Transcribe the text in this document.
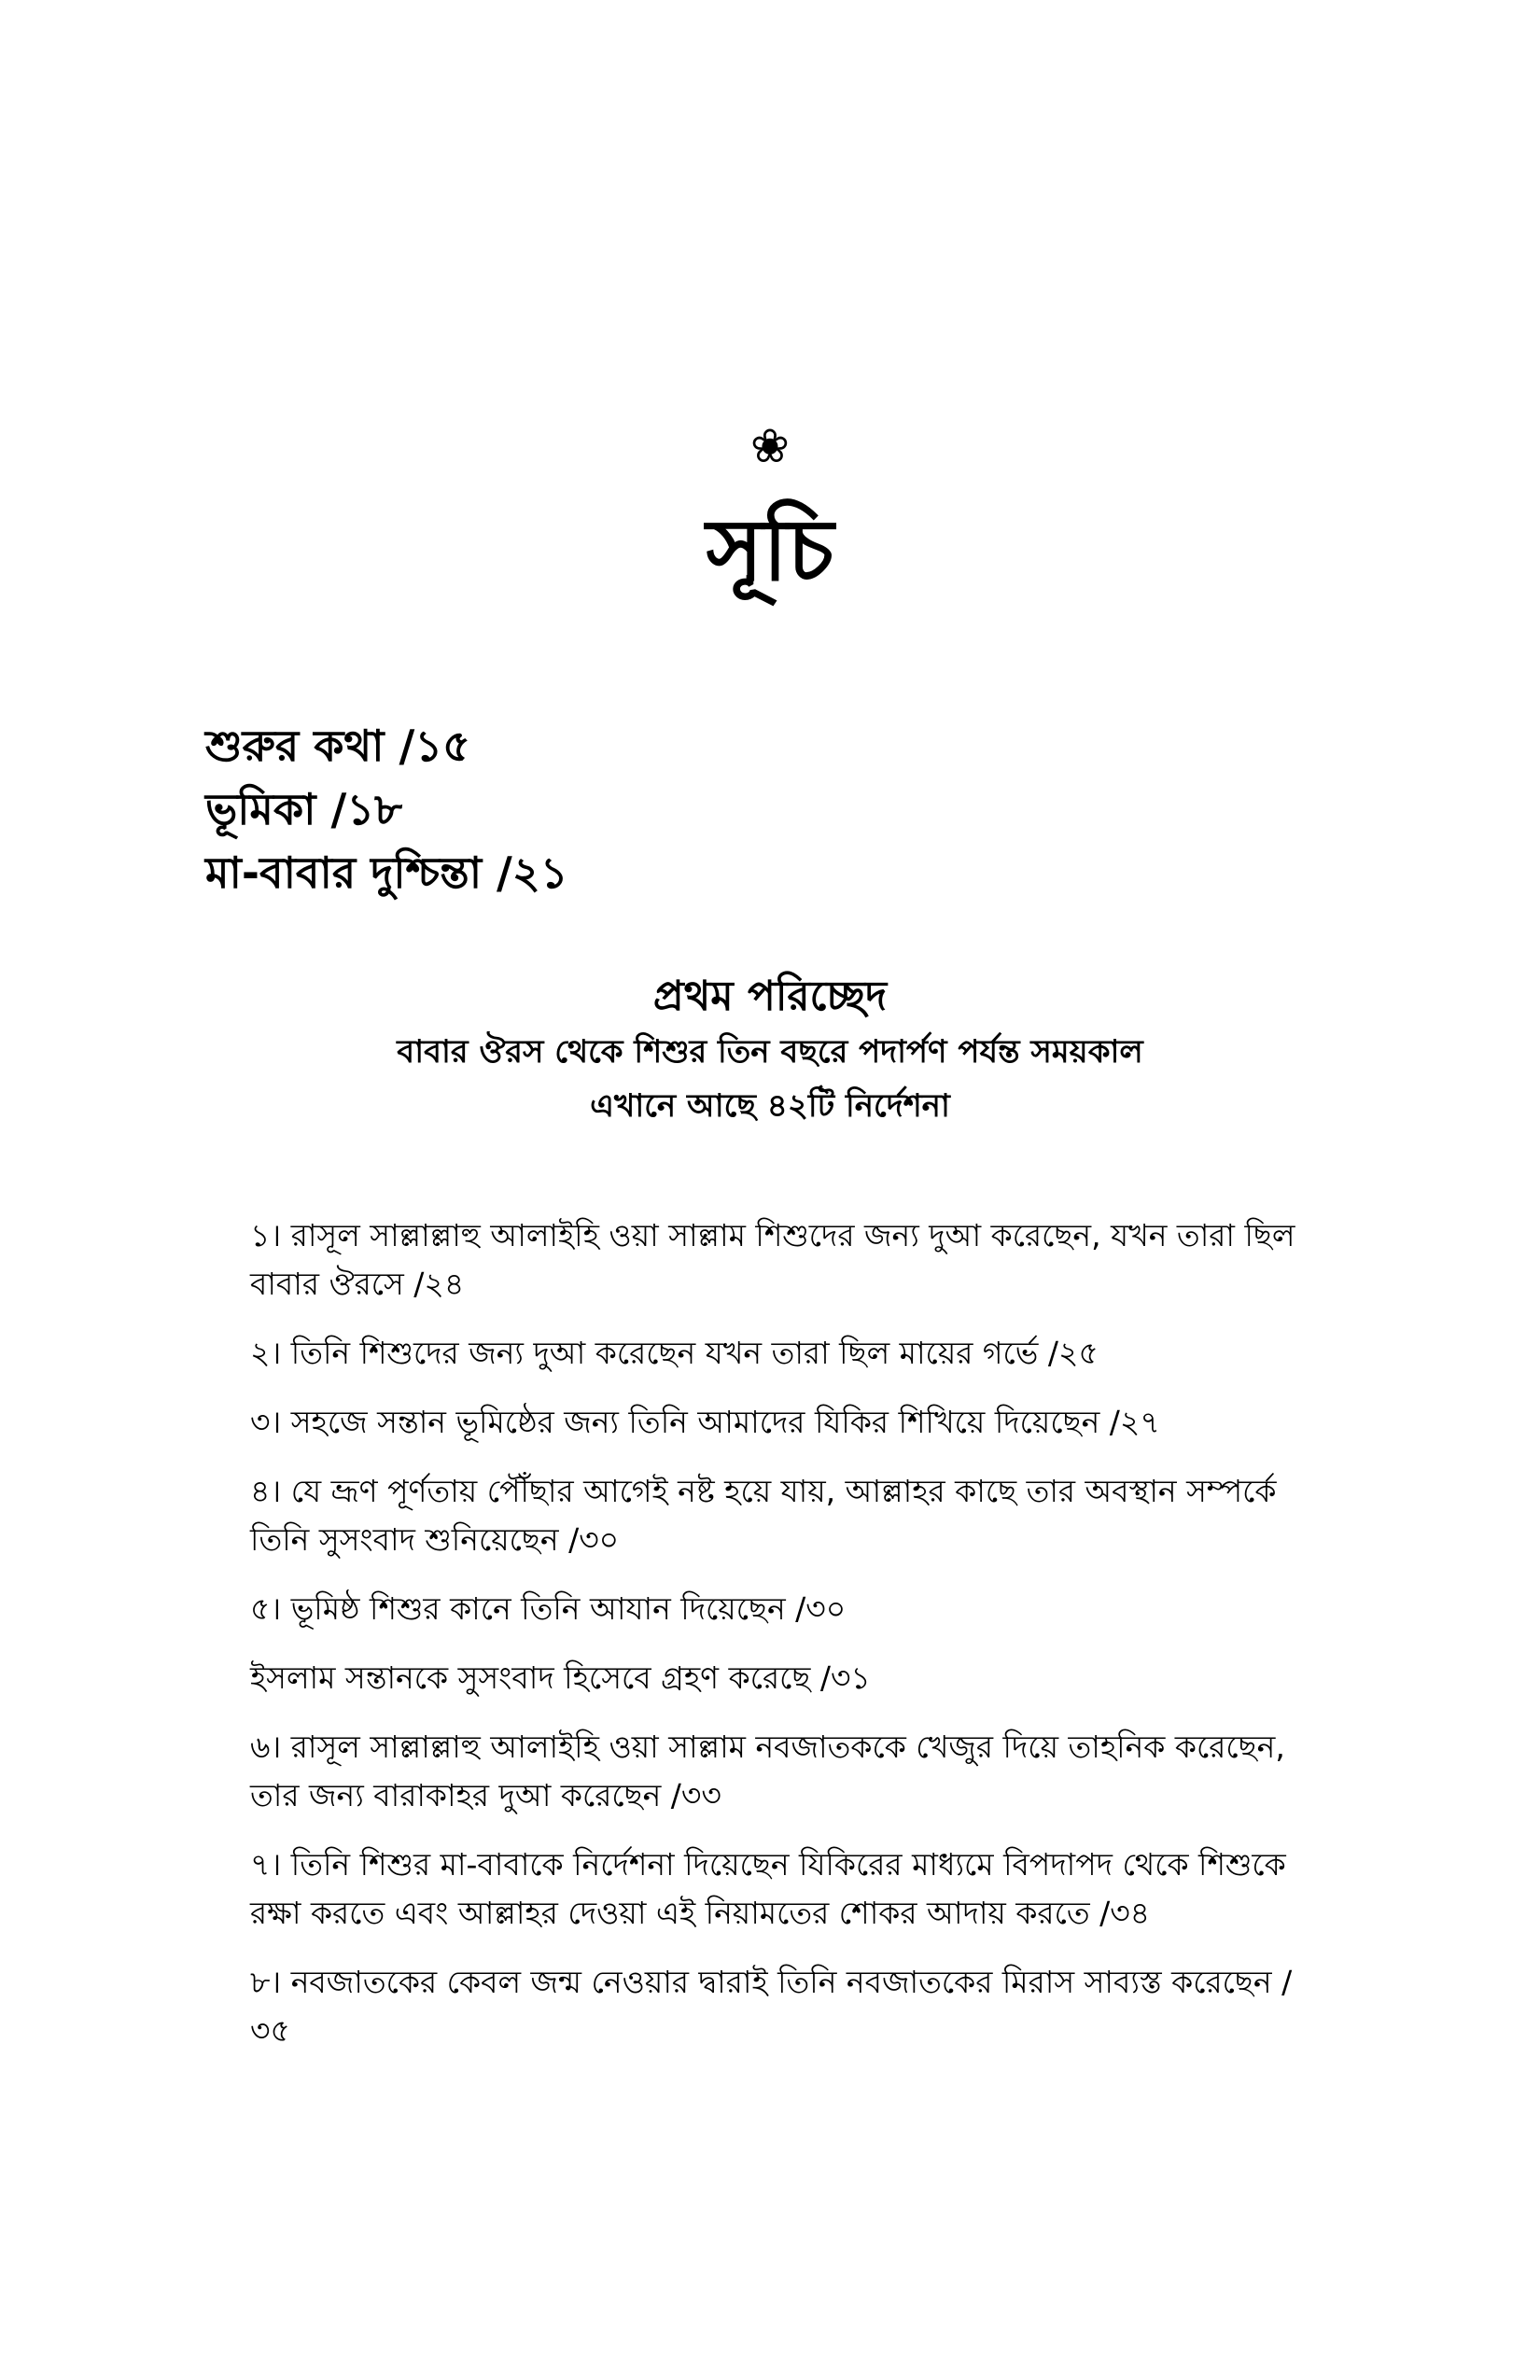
❀
সূচি
শুরুর কথা /১৫
ভূমিকা /১৮
মা-বাবার দুশ্চিন্তা /২১
প্রথম পরিচ্ছেদ
বাবার ঔরস থেকে শিশুর তিন বছরে পদার্পণ পর্যন্ত সময়কাল
এখানে আছে ৪২টি নির্দেশনা
১। রাসূল সাল্লাল্লাহু আলাইহি ওয়া সাল্লাম শিশুদের জন্য দুআ করেছেন, যখন তারা ছিল বাবার ঔরসে /২৪
২। তিনি শিশুদের জন্য দুআ করেছেন যখন তারা ছিল মায়ের গর্ভে /২৫
৩। সহজে সন্তান ভূমিষ্ঠের জন্য তিনি আমাদের যিকির শিখিয়ে দিয়েছেন /২৭
৪। যে ভ্রূণ পূর্ণতায় পৌঁছার আগেই নষ্ট হয়ে যায়, আল্লাহর কাছে তার অবস্থান সম্পর্কে তিনি সুসংবাদ শুনিয়েছেন /৩০
৫। ভূমিষ্ঠ শিশুর কানে তিনি আযান দিয়েছেন /৩০
ইসলাম সন্তানকে সুসংবাদ হিসেবে গ্রহণ করেছে /৩১
৬। রাসূল সাল্লাল্লাহু আলাইহি ওয়া সাল্লাম নবজাতককে খেজুর দিয়ে তাহনিক করেছেন, তার জন্য বারাকাহর দুআ করেছেন /৩৩
৭। তিনি শিশুর মা-বাবাকে নির্দেশনা দিয়েছেন যিকিরের মাধ্যমে বিপদাপদ থেকে শিশুকে রক্ষা করতে এবং আল্লাহর দেওয়া এই নিয়ামতের শোকর আদায় করতে /৩৪
৮। নবজাতকের কেবল জন্ম নেওয়ার দ্বারাই তিনি নবজাতকের মিরাস সাব্যস্ত করেছেন /৩৫
